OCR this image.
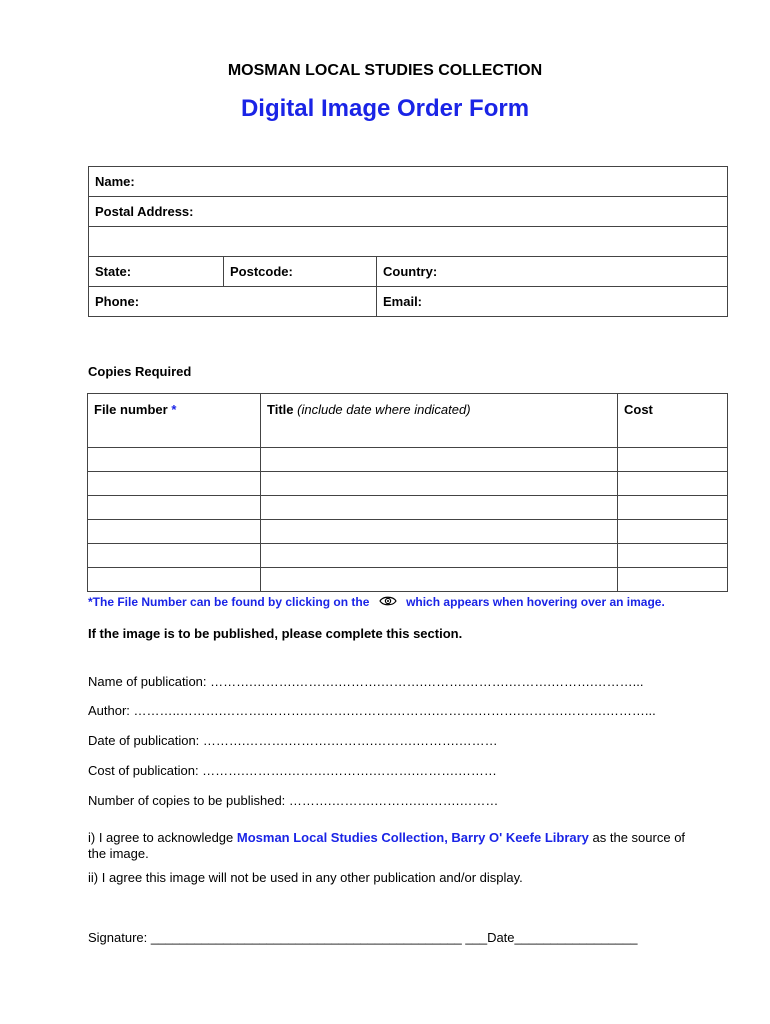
MOSMAN LOCAL STUDIES COLLECTION
Digital Image Order Form
Name:		
Postal Address:		

State:	Postcode:	Country:
Phone:		Email:
Copies Required
File number *	Title (include date where indicated)	Cost

*The File Number can be found by clicking on the	which appears when hovering over an image.
If the image is to be published, please complete this section.
Name of publication: ……….……….……….……….……….……….……….……….……….………...
Author: ………..……….……….……….……….……….……….……….……….……….……….………...
Date of publication: ……….……….……….……….……….……….………
Cost of publication: ……….……….……….……….……….……….………
Number of copies to be published: ……….……….……….……….………
i) I agree to acknowledge Mosman Local Studies Collection, Barry O' Keefe Library as the source of the image.
ii) I agree this image will not be used in any other publication and/or display.
Signature: ___________________________________________ ___Date_________________
